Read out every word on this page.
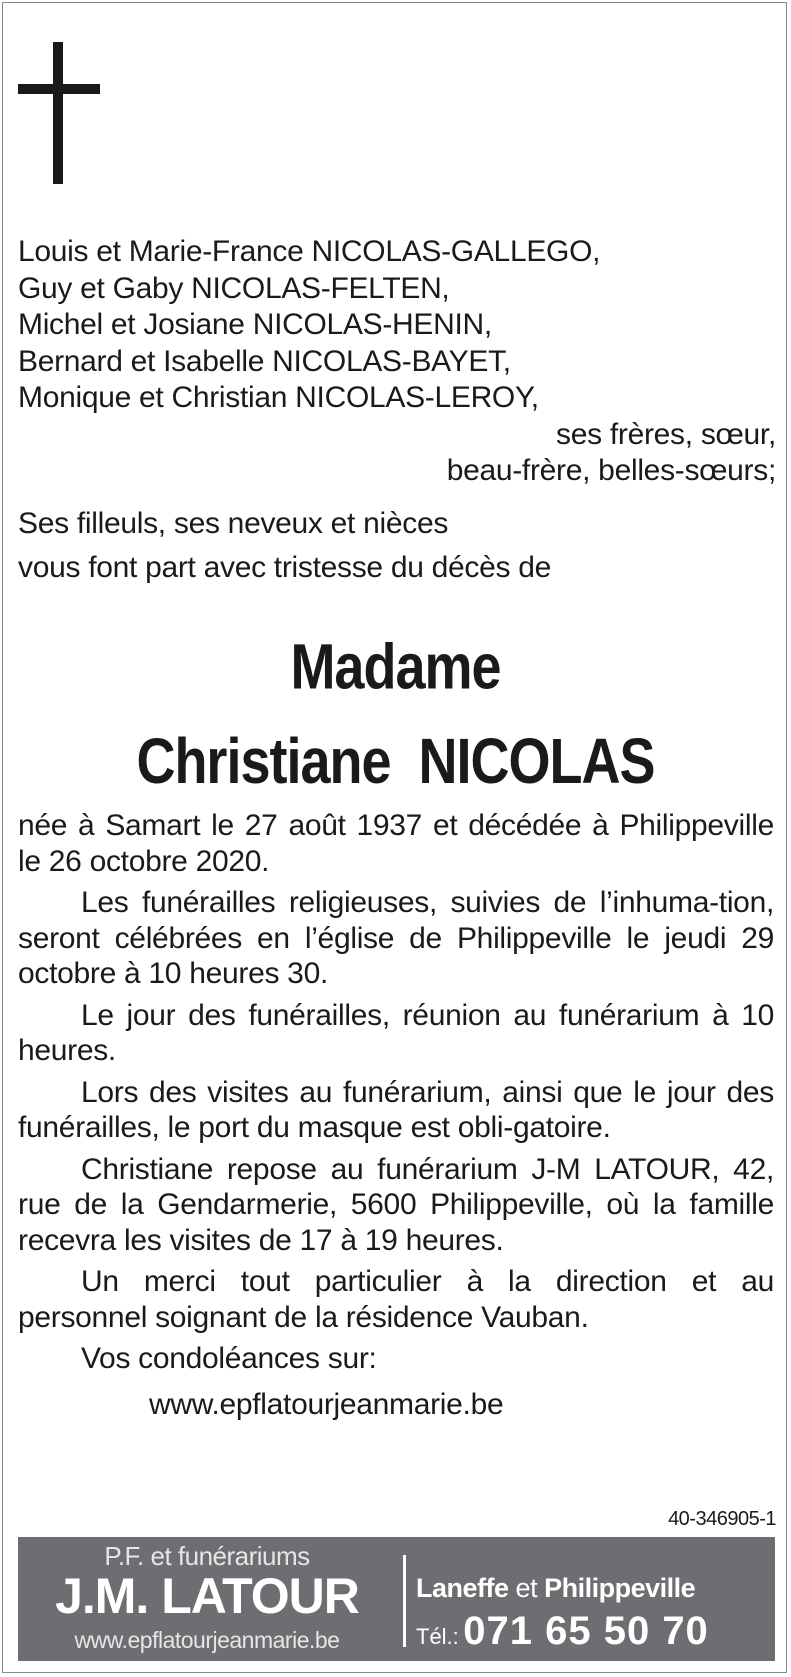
Louis et Marie-France NICOLAS-GALLEGO,
Guy et Gaby NICOLAS-FELTEN,
Michel et Josiane NICOLAS-HENIN,
Bernard et Isabelle NICOLAS-BAYET,
Monique et Christian NICOLAS-LEROY,
ses frères, sœur,
beau-frère, belles-sœurs;
Ses filleuls, ses neveux et nièces
vous font part avec tristesse du décès de
Madame
Christiane  NICOLAS

née à Samart le 27 août 1937 et décédée à Philippeville le 26 octobre 2020.

Les funérailles religieuses, suivies de l’inhuma-tion, seront célébrées en l’église de Philippeville le jeudi 29 octobre à 10 heures 30.

Le jour des funérailles, réunion au funérarium à 10 heures.

Lors des visites au funérarium, ainsi que le jour des funérailles, le port du masque est obli-gatoire.

Christiane repose au funérarium J-M LATOUR, 42, rue de la Gendarmerie, 5600 Philippeville, où la famille recevra les visites de 17 à 19 heures.

Un merci tout particulier à la direction et au personnel soignant de la résidence Vauban.

Vos condoléances sur:

www.epflatourjeanmarie.be
40-346905-1
P.F. et funérariums
J.M. LATOUR
www.epflatourjeanmarie.be
Laneffe et Philippeville
Tél.: 071 65 50 70
